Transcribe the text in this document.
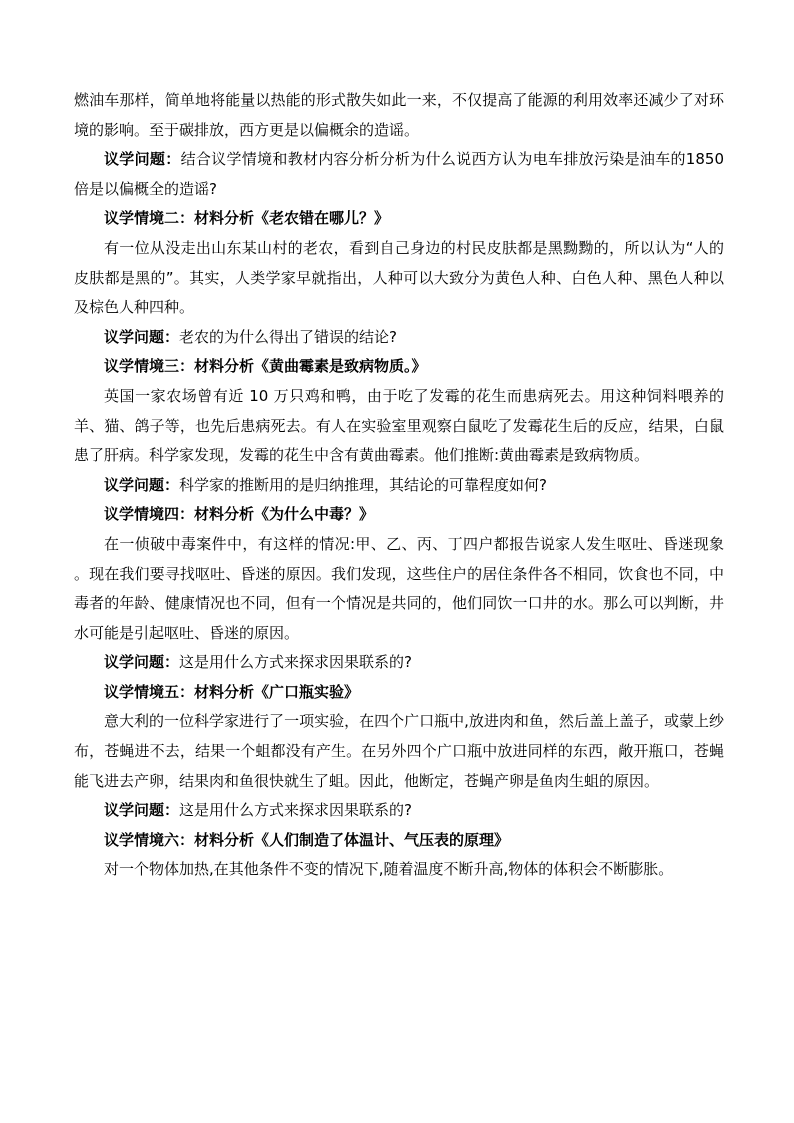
燃油车那样，简单地将能量以热能的形式散失如此一来，不仅提高了能源的利用效率还减少了对环境的影响。至于碳排放，西方更是以偏概余的造谣。

议学问题：结合议学情境和教材内容分析分析为什么说西方认为电车排放污染是油车的1850倍是以偏概全的造谣?

议学情境二：材料分析《老农错在哪儿？》

有一位从没走出山东某山村的老农，看到自己身边的村民皮肤都是黑黝黝的，所以认为“人的皮肤都是黑的”。其实，人类学家早就指出，人种可以大致分为黄色人种、白色人种、黑色人种以及棕色人种四种。

议学问题：老农的为什么得出了错误的结论?

议学情境三：材料分析《黄曲霉素是致病物质。》

英国一家农场曾有近 10 万只鸡和鸭，由于吃了发霉的花生而患病死去。用这种饲料喂养的羊、猫、鸽子等，也先后患病死去。有人在实验室里观察白鼠吃了发霉花生后的反应，结果，白鼠患了肝病。科学家发现，发霉的花生中含有黄曲霉素。他们推断:黄曲霉素是致病物质。

议学问题：科学家的推断用的是归纳推理，其结论的可靠程度如何?

议学情境四：材料分析《为什么中毒？》

在一侦破中毒案件中，有这样的情况:甲、乙、丙、丁四户都报告说家人发生呕吐、昏迷现象 。现在我们要寻找呕吐、昏迷的原因。我们发现，这些住户的居住条件各不相同，饮食也不同，中毒者的年龄、健康情况也不同，但有一个情况是共同的，他们同饮一口井的水。那么可以判断，井水可能是引起呕吐、昏迷的原因。

议学问题：这是用什么方式来探求因果联系的?

议学情境五：材料分析《广口瓶实验》

意大利的一位科学家进行了一项实验，在四个广口瓶中,放进肉和鱼，然后盖上盖子，或蒙上纱布，苍蝇进不去，结果一个蛆都没有产生。在另外四个广口瓶中放进同样的东西，敞开瓶口，苍蝇能飞进去产卵，结果肉和鱼很快就生了蛆。因此，他断定，苍蝇产卵是鱼肉生蛆的原因。

议学问题：这是用什么方式来探求因果联系的?

议学情境六：材料分析《人们制造了体温计、气压表的原理》

对一个物体加热,在其他条件不变的情况下,随着温度不断升高,物体的体积会不断膨胀。
